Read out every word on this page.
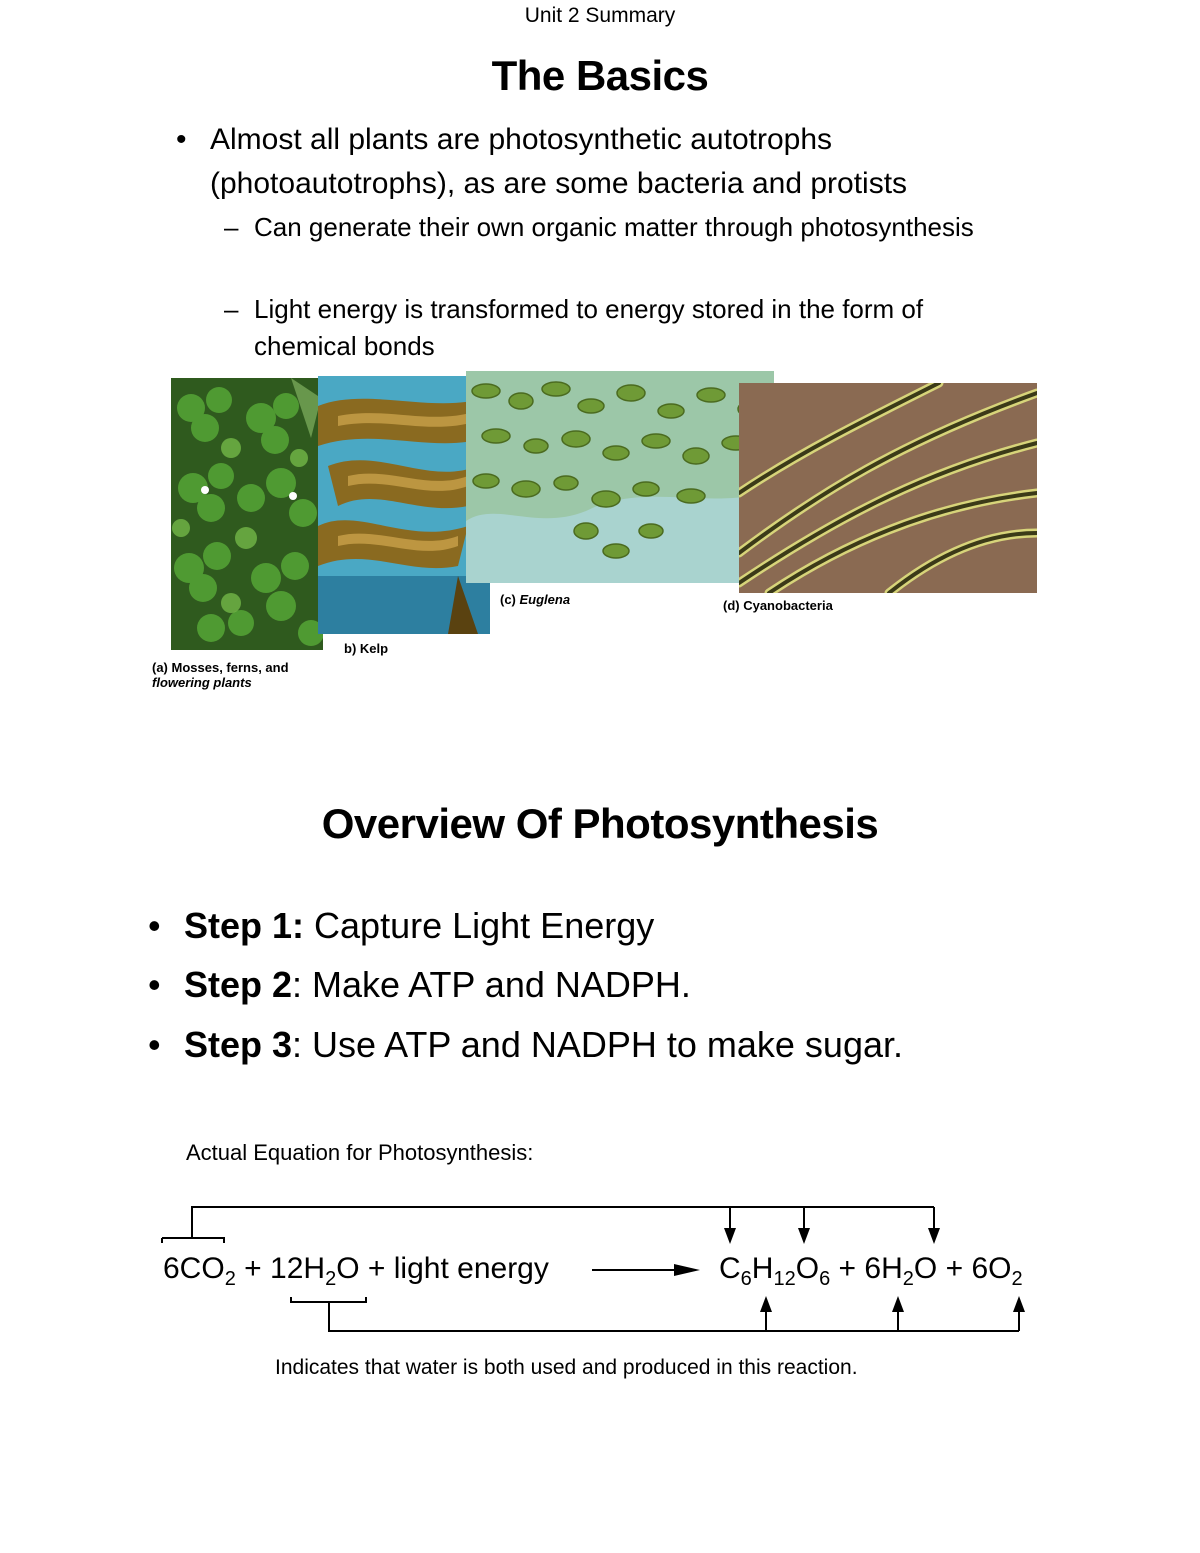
Unit 2 Summary
The Basics
• Almost all plants are photosynthetic autotrophs (photoautotrophs), as are some bacteria and protists
– Can generate their own organic matter through photosynthesis
– Light energy is transformed to energy stored in the form of chemical bonds
(a) Mosses, ferns, and
flowering plants
b) Kelp
(c) Euglena	(d) Cyanobacteria
Overview Of Photosynthesis
• Step 1: Capture Light Energy
• Step 2: Make ATP and NADPH.
• Step 3: Use ATP and NADPH to make sugar.
Actual Equation for Photosynthesis:
$6CO_2 + 12H_2O$ + light energy	$C_6H_{12}O_6 + 6H_2O + 6O_2$
Indicates that water is both used and produced in this reaction.
